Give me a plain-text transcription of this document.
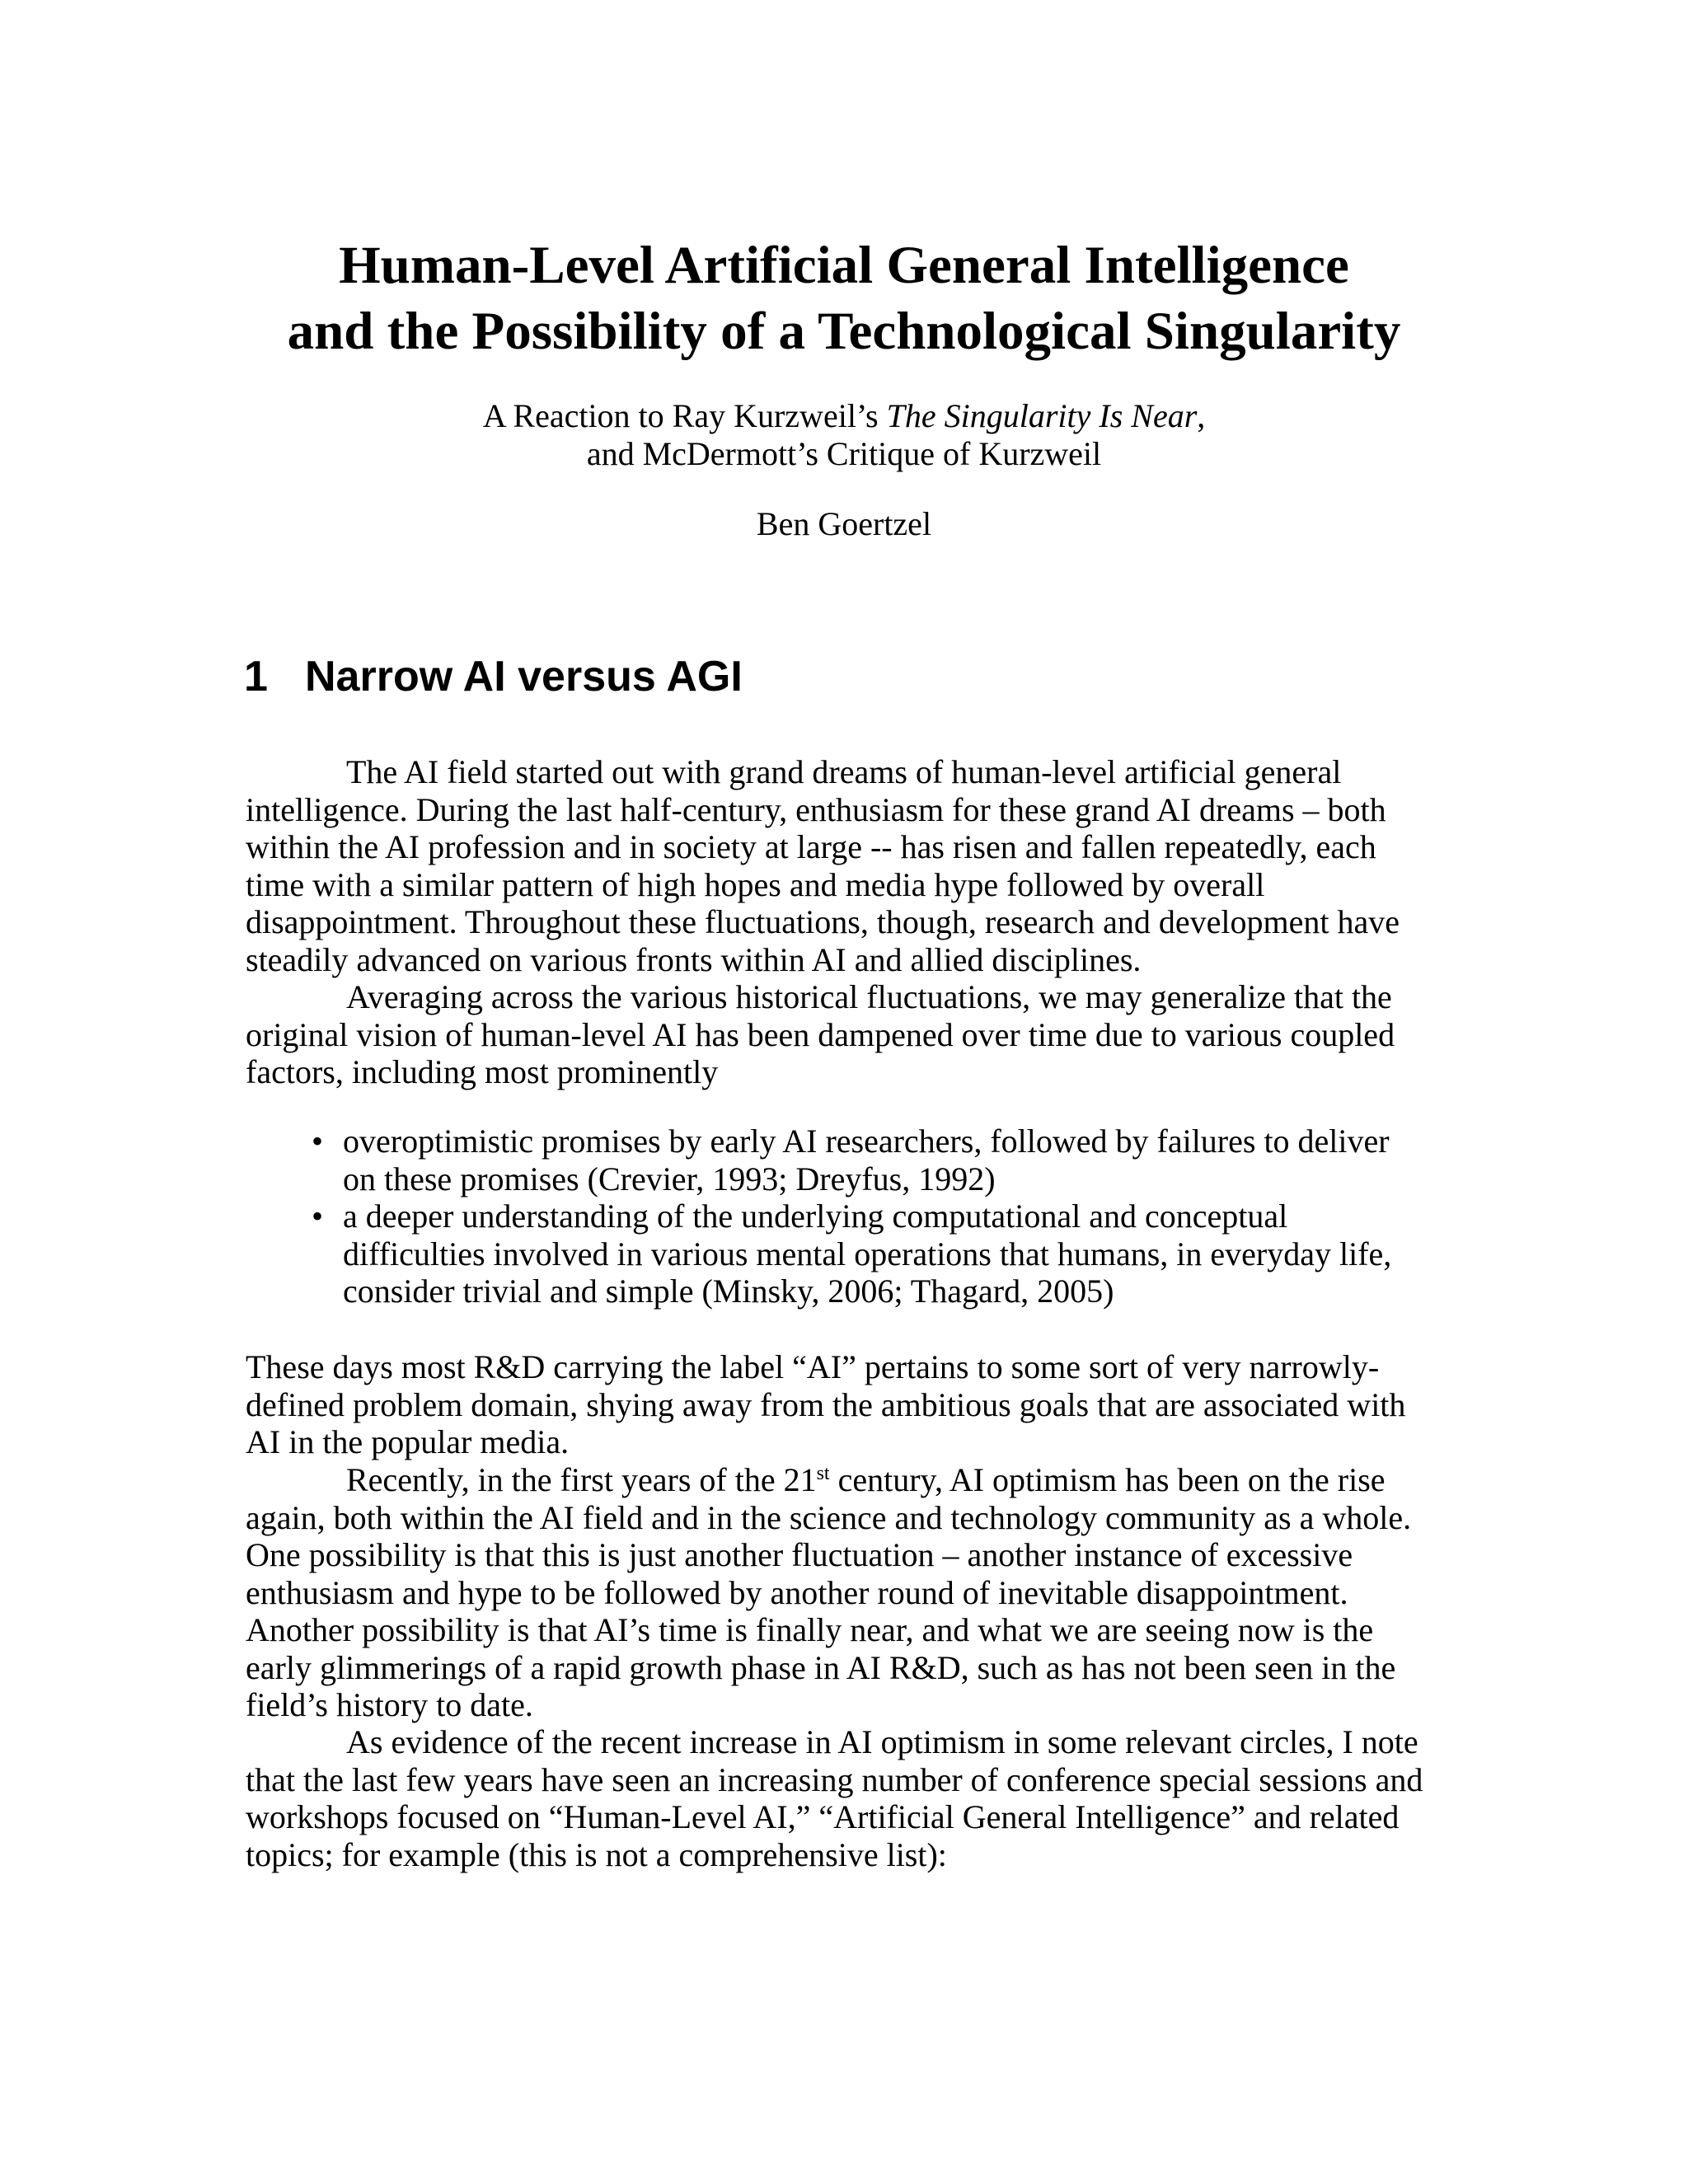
Human-Level Artificial General Intelligence
and the Possibility of a Technological Singularity
A Reaction to Ray Kurzweil’s The Singularity Is Near,
and McDermott’s Critique of Kurzweil
Ben Goertzel
1 Narrow AI versus AGI
The AI field started out with grand dreams of human-level artificial general
intelligence. During the last half-century, enthusiasm for these grand AI dreams – both
within the AI profession and in society at large -- has risen and fallen repeatedly, each
time with a similar pattern of high hopes and media hype followed by overall
disappointment. Throughout these fluctuations, though, research and development have
steadily advanced on various fronts within AI and allied disciplines.
Averaging across the various historical fluctuations, we may generalize that the
original vision of human-level AI has been dampened over time due to various coupled
factors, including most prominently
• overoptimistic promises by early AI researchers, followed by failures to deliver
on these promises (Crevier, 1993; Dreyfus, 1992)
• a deeper understanding of the underlying computational and conceptual
difficulties involved in various mental operations that humans, in everyday life,
consider trivial and simple (Minsky, 2006; Thagard, 2005)
These days most R&D carrying the label “AI” pertains to some sort of very narrowly-
defined problem domain, shying away from the ambitious goals that are associated with
AI in the popular media.
Recently, in the first years of the 21st century, AI optimism has been on the rise
again, both within the AI field and in the science and technology community as a whole.
One possibility is that this is just another fluctuation – another instance of excessive
enthusiasm and hype to be followed by another round of inevitable disappointment.
Another possibility is that AI’s time is finally near, and what we are seeing now is the
early glimmerings of a rapid growth phase in AI R&D, such as has not been seen in the
field’s history to date.
As evidence of the recent increase in AI optimism in some relevant circles, I note
that the last few years have seen an increasing number of conference special sessions and
workshops focused on “Human-Level AI,” “Artificial General Intelligence” and related
topics; for example (this is not a comprehensive list):
